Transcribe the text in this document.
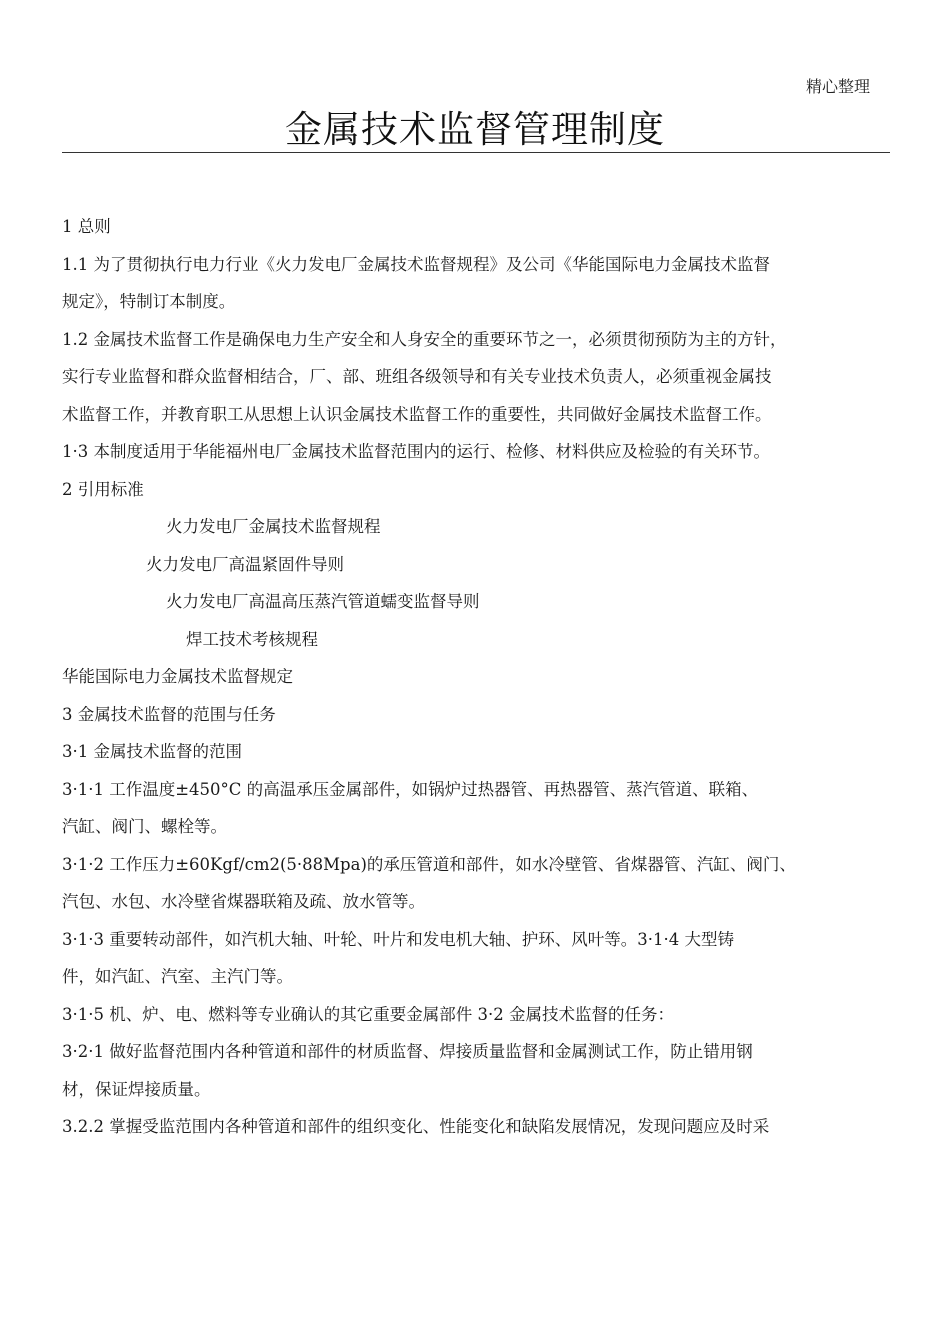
精心整理
金属技术监督管理制度

1 总则

1.1 为了贯彻执行电力行业《火力发电厂金属技术监督规程》及公司《华能国际电力金属技术监督

规定》，特制订本制度。

1.2 金属技术监督工作是确保电力生产安全和人身安全的重要环节之一，必须贯彻预防为主的方针，

实行专业监督和群众监督相结合，厂、部、班组各级领导和有关专业技术负责人，必须重视金属技

术监督工作，并教育职工从思想上认识金属技术监督工作的重要性，共同做好金属技术监督工作。

1·3 本制度适用于华能福州电厂金属技术监督范围内的运行、检修、材料供应及检验的有关环节。

2 引用标准

火力发电厂金属技术监督规程

火力发电厂高温紧固件导则

火力发电厂高温高压蒸汽管道蠕变监督导则

焊工技术考核规程

华能国际电力金属技术监督规定

3 金属技术监督的范围与任务

3·1 金属技术监督的范围

3·1·1 工作温度±450°C 的高温承压金属部件，如锅炉过热器管、再热器管、蒸汽管道、联箱、

汽缸、阀门、螺栓等。

3·1·2 工作压力±60Kgf/cm2(5·88Mpa)的承压管道和部件，如水冷壁管、省煤器管、汽缸、阀门、

汽包、水包、水冷壁省煤器联箱及疏、放水管等。

3·1·3 重要转动部件，如汽机大轴、叶轮、叶片和发电机大轴、护环、风叶等。3·1·4 大型铸

件，如汽缸、汽室、主汽门等。

3·1·5 机、炉、电、燃料等专业确认的其它重要金属部件 3·2 金属技术监督的任务：

3·2·1 做好监督范围内各种管道和部件的材质监督、焊接质量监督和金属测试工作，防止错用钢

材，保证焊接质量。

3.2.2 掌握受监范围内各种管道和部件的组织变化、性能变化和缺陷发展情况，发现问题应及时采
